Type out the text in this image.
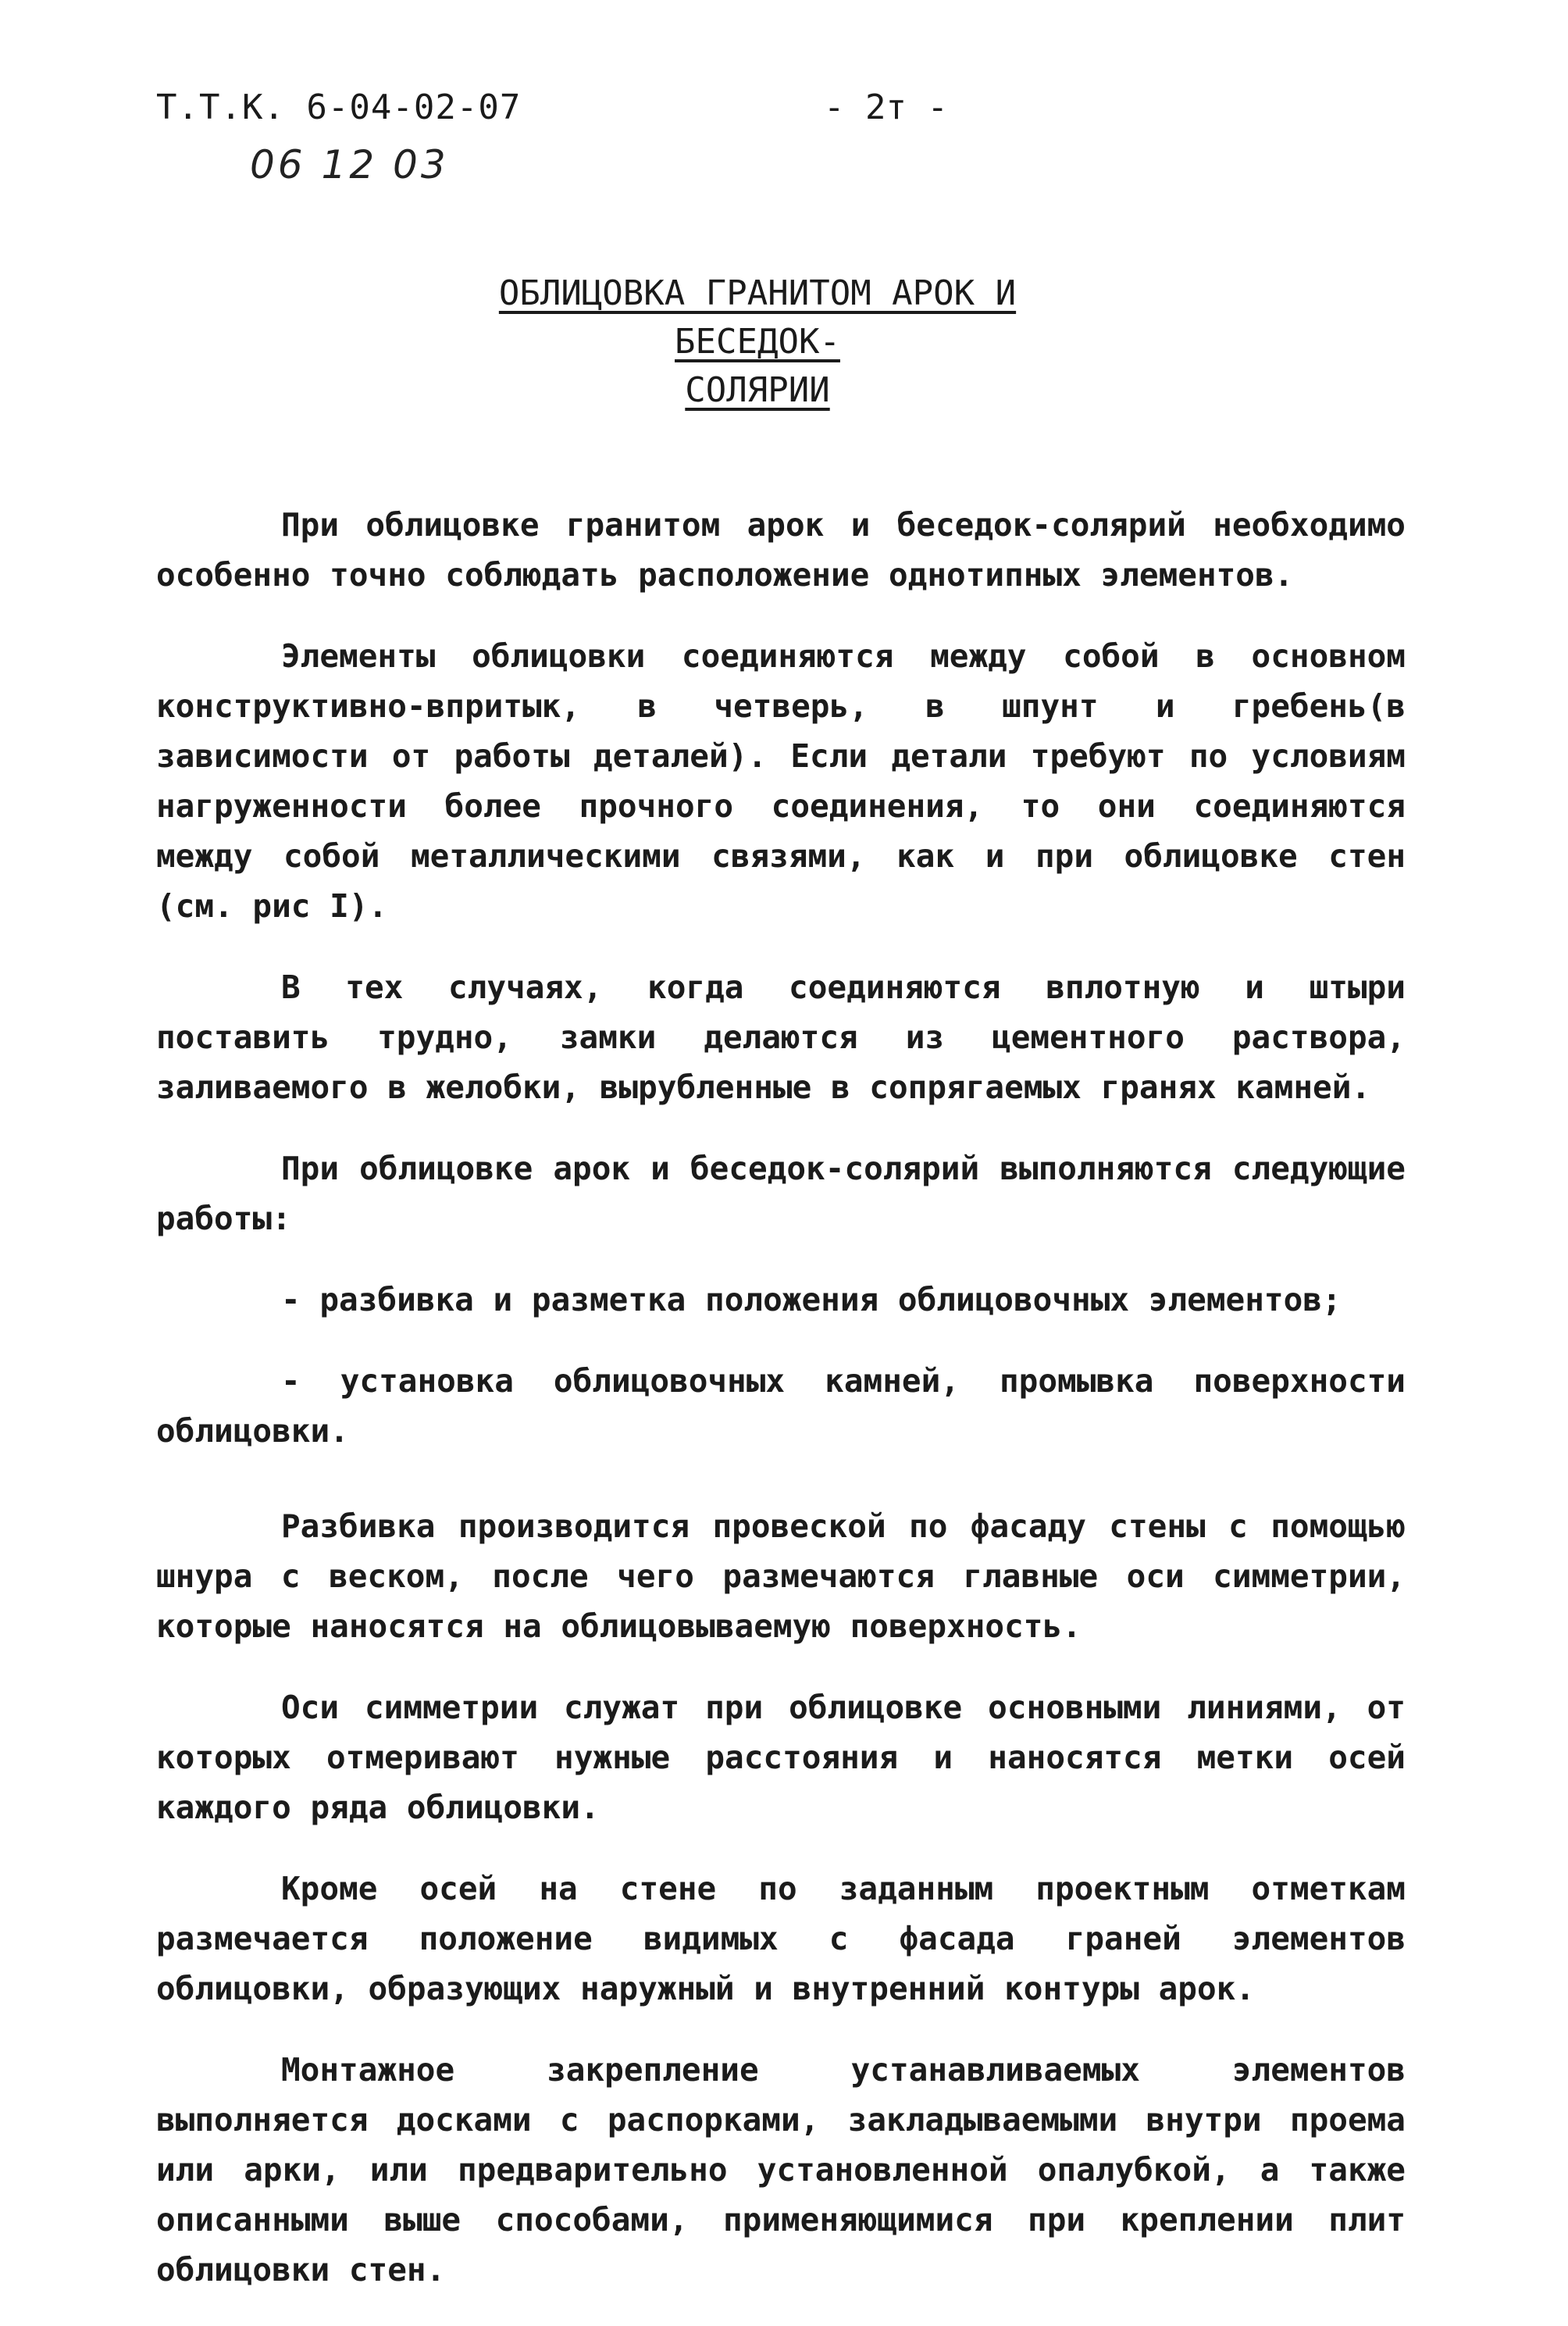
Т.Т.К. 6-04-02-07	- 2т -
06 12 03
ОБЛИЦОВКА ГРАНИТОМ АРОК И БЕСЕДОК-
СОЛЯРИИ

При облицовке гранитом арок и беседок-солярий необходимо особенно точно соблюдать расположение однотипных элементов.

Элементы облицовки соединяются между собой в основном конструктивно-впритык, в четверь, в шпунт и гребень(в зависимости от работы деталей). Если детали требуют по условиям нагруженности более прочного соединения, то они соединяются между собой металлическими связями, как и при облицовке стен (см. рис I).

В тех случаях, когда соединяются вплотную и штыри поставить трудно, замки делаются из цементного раствора, заливаемого в желобки, вырубленные в сопрягаемых гранях камней.

При облицовке арок и беседок-солярий выполняются следующие работы:

- разбивка и разметка положения облицовочных элементов;

- установка облицовочных камней, промывка поверхности облицовки.

Разбивка производится провеской по фасаду стены с помощью шнура с веском, после чего размечаются главные оси симметрии, которые наносятся на облицовываемую поверхность.

Оси симметрии служат при облицовке основными линиями, от которых отмеривают нужные расстояния и наносятся метки осей каждого ряда облицовки.

Кроме осей на стене по заданным проектным отметкам размечается положение видимых с фасада граней элементов облицовки, образующих наружный и внутренний контуры арок.

Монтажное закрепление устанавливаемых элементов выполняется досками с распорками, закладываемыми внутри проема или арки, или предварительно установленной опалубкой, а также описанными выше способами, применяющимися при креплении плит облицовки стен.
